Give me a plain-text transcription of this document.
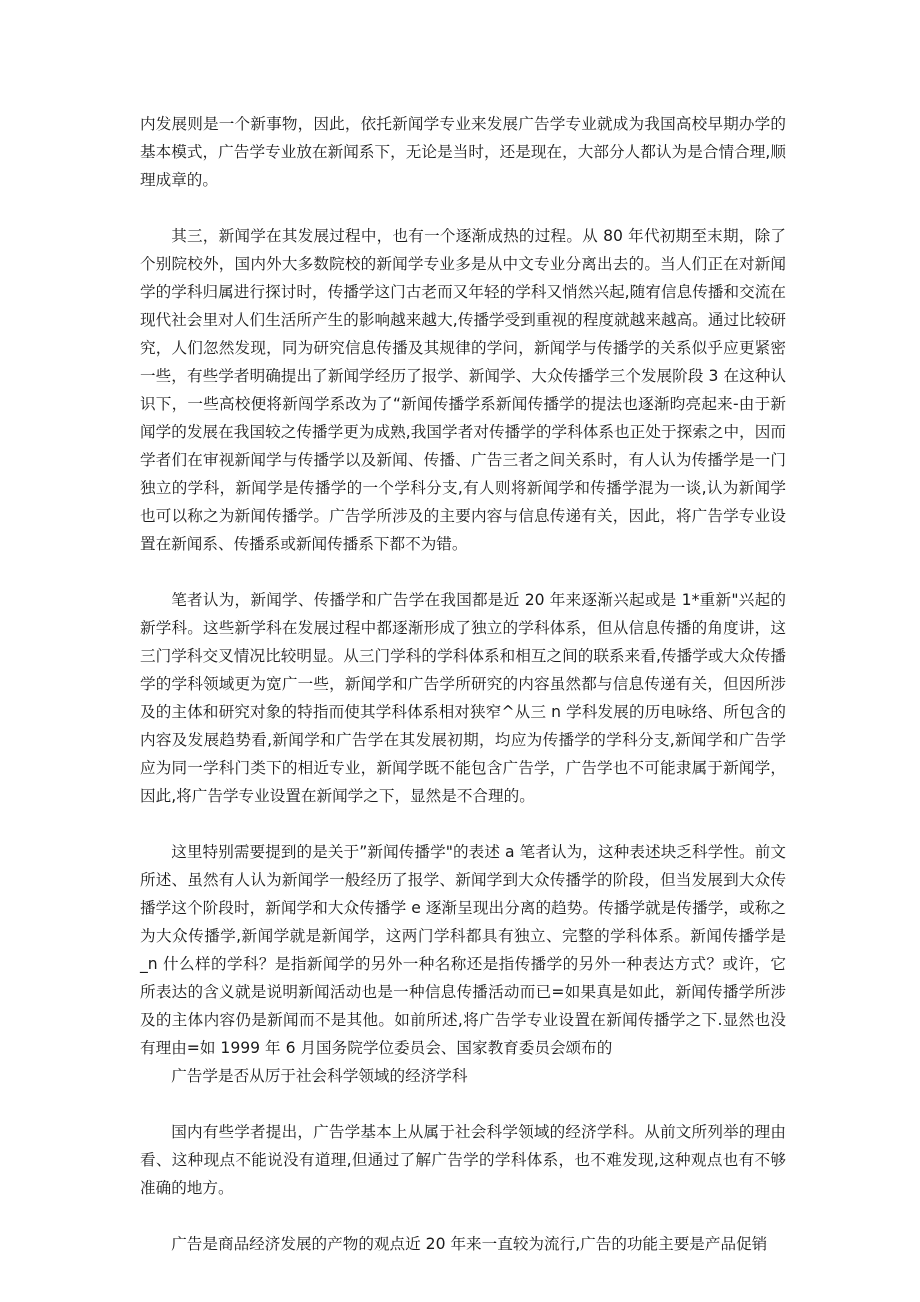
内发展则是一个新事物，因此，依托新闻学专业来发展广告学专业就成为我国高校早期办学的基本模式，广告学专业放在新闻系下，无论是当时，还是现在，大部分人都认为是合情合理,顺理成章的。

其三，新闻学在其发展过程中，也有一个逐渐成热的过程。从 80 年代初期至末期，除了个别院校外，国内外大多数院校的新闻学专业多是从中文专业分离出去的。当人们正在对新闻学的学科归属进行探讨时，传播学这门古老而又年轻的学科又悄然兴起,随宥信息传播和交流在现代社会里对人们生活所产生的影响越来越大,传播学受到重视的程度就越来越高。通过比较研究，人们忽然发现，同为研究信息传播及其规律的学问，新闻学与传播学的关系似乎应更紧密一些，有些学者明确提出了新闻学经历了报学、新闻学、大众传播学三个发展阶段 3 在这种认识下，一些高校便将新闯学系改为了“新闻传播学系新闻传播学的提法也逐渐昀亮起来-由于新闻学的发展在我国较之传播学更为成熟,我国学者对传播学的学科体系也正处于探索之中，因而学者们在审视新闻学与传播学以及新闻、传播、广告三者之间关系时，有人认为传播学是一门独立的学科，新闻学是传播学的一个学科分支,有人则将新闻学和传播学混为一谈,认为新闻学也可以称之为新闻传播学。广告学所涉及的主要内容与信息传递有关，因此，将广告学专业设置在新闻系、传播系或新闻传播系下都不为错。

笔者认为，新闻学、传播学和广告学在我国都是近 20 年来逐渐兴起或是 1*重新"兴起的新学科。这些新学科在发展过程中都逐渐形成了独立的学科体系，但从信息传播的角度讲，这三门学科交叉情况比较明显。从三门学科的学科体系和相互之间的联系来看,传播学或大众传播学的学科领域更为宽广一些，新闻学和广告学所研究的内容虽然都与信息传递有关，但因所涉及的主体和研究对象的特指而使其学科体系相对狭窄^从三 n 学科发展的历电咏络、所包含的内容及发展趋势看,新闻学和广告学在其发展初期，均应为传播学的学科分支,新闻学和广告学应为同一学科门类下的相近专业，新闻学既不能包含广告学，广告学也不可能隶属于新闻学，因此,将广告学专业设置在新闻学之下，显然是不合理的。

这里特别需要提到的是关于”新闻传播学"的表述 a 笔者认为，这种表述块乏科学性。前文所述、虽然有人认为新闻学一般经历了报学、新闻学到大众传播学的阶段，但当发展到大众传播学这个阶段时，新闻学和大众传播学 e 逐渐呈现出分离的趋势。传播学就是传播学，或称之为大众传播学,新闻学就是新闻学，这两门学科都具有独立、完整的学科体系。新闻传播学是_n 什么样的学科？是指新闻学的另外一种名称还是指传播学的另外一种表达方式？或许，它所表达的含义就是说明新闻活动也是一种信息传播活动而已=如果真是如此，新闻传播学所涉及的主体内容仍是新闻而不是其他。如前所述,将广告学专业设置在新闻传播学之下.显然也没有理由=如 1999 年 6 月国务院学位委员会、国家教育委员会颂布的

广告学是否从厉于社会科学领域的经济学科

国内有些学者提出，广告学基本上从属于社会科学领域的经济学科。从前文所列举的理由看、这种现点不能说没有道理,但通过了解广告学的学科体系，也不难发现,这种观点也有不够准确的地方。

广告是商品经济发展的产物的观点近 20 年来一直较为流行,广告的功能主要是产品促销
